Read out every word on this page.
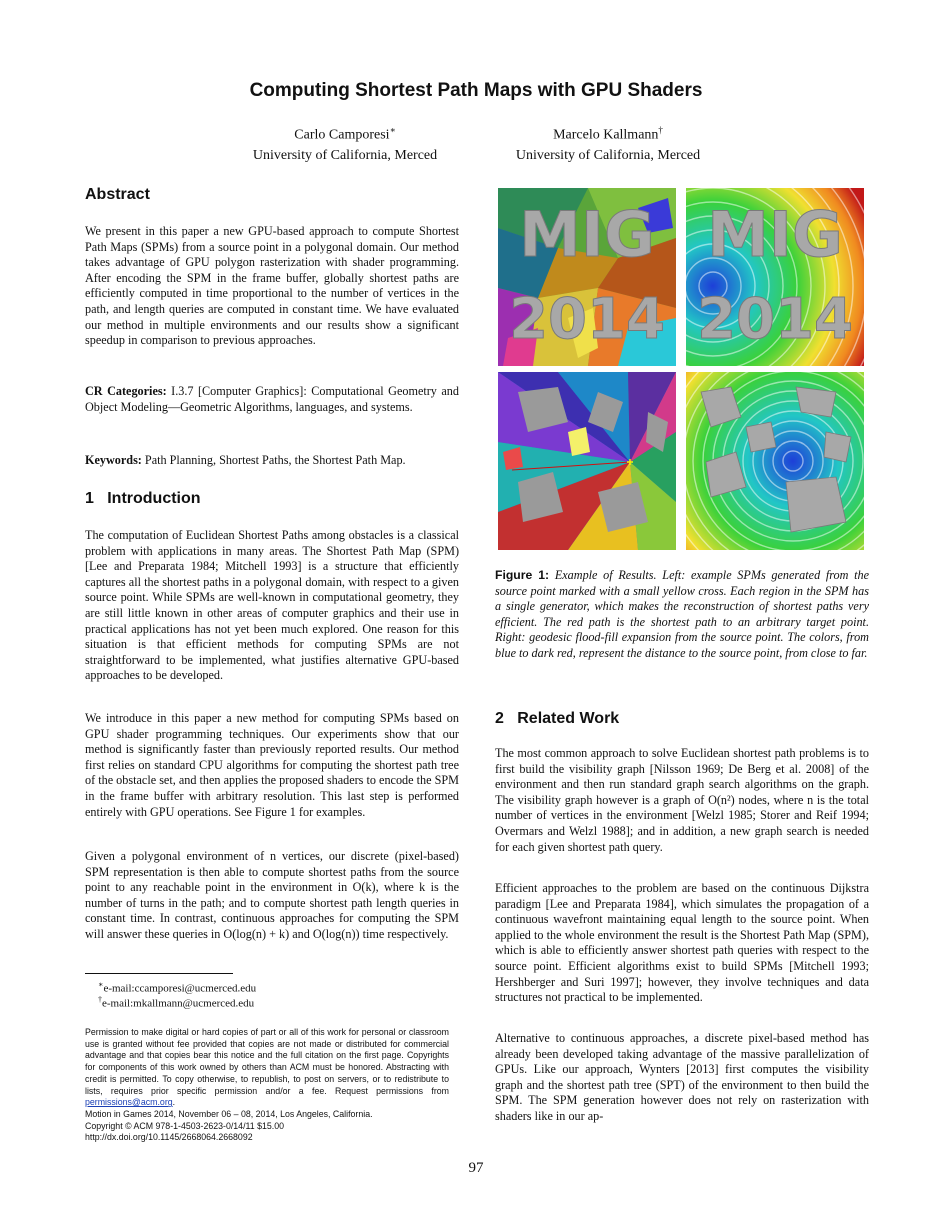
Computing Shortest Path Maps with GPU Shaders
Carlo Camporesi∗
University of California, Merced
Marcelo Kallmann†
University of California, Merced
Abstract

We present in this paper a new GPU-based approach to compute Shortest Path Maps (SPMs) from a source point in a polygonal domain. Our method takes advantage of GPU polygon rasterization with shader programming. After encoding the SPM in the frame buffer, globally shortest paths are efficiently computed in time proportional to the number of vertices in the path, and length queries are computed in constant time. We have evaluated our method in multiple environments and our results show a significant speedup in comparison to previous approaches.

CR Categories: I.3.7 [Computer Graphics]: Computational Geometry and Object Modeling—Geometric Algorithms, languages, and systems.

Keywords: Path Planning, Shortest Paths, the Shortest Path Map.

1   Introduction

The computation of Euclidean Shortest Paths among obstacles is a classical problem with applications in many areas. The Shortest Path Map (SPM) [Lee and Preparata 1984; Mitchell 1993] is a structure that efficiently captures all the shortest paths in a polygonal domain, with respect to a given source point. While SPMs are well-known in computational geometry, they are still little known in other areas of computer graphics and their use in practical applications has not yet been much explored. One reason for this situation is that efficient methods for computing SPMs are not straightforward to be implemented, what justifies alternative GPU-based approaches to be developed.

We introduce in this paper a new method for computing SPMs based on GPU shader programming techniques. Our experiments show that our method is significantly faster than previously reported results. Our method first relies on standard CPU algorithms for computing the shortest path tree of the obstacle set, and then applies the proposed shaders to encode the SPM in the frame buffer with arbitrary resolution. This last step is performed entirely with GPU operations. See Figure 1 for examples.

Given a polygonal environment of n vertices, our discrete (pixel-based) SPM representation is then able to compute shortest paths from the source point to any reachable point in the environment in O(k), where k is the number of turns in the path; and to compute shortest path length queries in constant time. In contrast, continuous approaches for computing the SPM will answer these queries in O(log(n) + k) and O(log(n)) time respectively.

∗e-mail:ccamporesi@ucmerced.edu
†e-mail:mkallmann@ucmerced.edu
Permission to make digital or hard copies of part or all of this work for personal or classroom use is granted without fee provided that copies are not made or distributed for commercial advantage and that copies bear this notice and the full citation on the first page. Copyrights for components of this work owned by others than ACM must be honored. Abstracting with credit is permitted. To copy otherwise, to republish, to post on servers, or to redistribute to lists, requires prior specific permission and/or a fee. Request permissions from permissions@acm.org.
Motion in Games 2014, November 06 – 08, 2014, Los Angeles, California.
Copyright © ACM 978-1-4503-2623-0/14/11 $15.00
http://dx.doi.org/10.1145/2668064.2668092
MIG
2014
MIG
2014
Figure 1: Example of Results. Left: example SPMs generated from the source point marked with a small yellow cross. Each region in the SPM has a single generator, which makes the reconstruction of shortest paths very efficient. The red path is the shortest path to an arbitrary target point. Right: geodesic flood-fill expansion from the source point. The colors, from blue to dark red, represent the distance to the source point, from close to far.
2   Related Work

The most common approach to solve Euclidean shortest path problems is to first build the visibility graph [Nilsson 1969; De Berg et al. 2008] of the environment and then run standard graph search algorithms on the graph. The visibility graph however is a graph of O(n²) nodes, where n is the total number of vertices in the environment [Welzl 1985; Storer and Reif 1994; Overmars and Welzl 1988]; and in addition, a new graph search is needed for each given shortest path query.

Efficient approaches to the problem are based on the continuous Dijkstra paradigm [Lee and Preparata 1984], which simulates the propagation of a continuous wavefront maintaining equal length to the source point. When applied to the whole environment the result is the Shortest Path Map (SPM), which is able to efficiently answer shortest path queries with respect to the source point. Efficient algorithms exist to build SPMs [Mitchell 1993; Hershberger and Suri 1997]; however, they involve techniques and data structures not practical to be implemented.

Alternative to continuous approaches, a discrete pixel-based method has already been developed taking advantage of the massive parallelization of GPUs. Like our approach, Wynters [2013] first computes the visibility graph and the shortest path tree (SPT) of the environment to then build the SPM. The SPM generation however does not rely on rasterization with shaders like in our ap-

97
